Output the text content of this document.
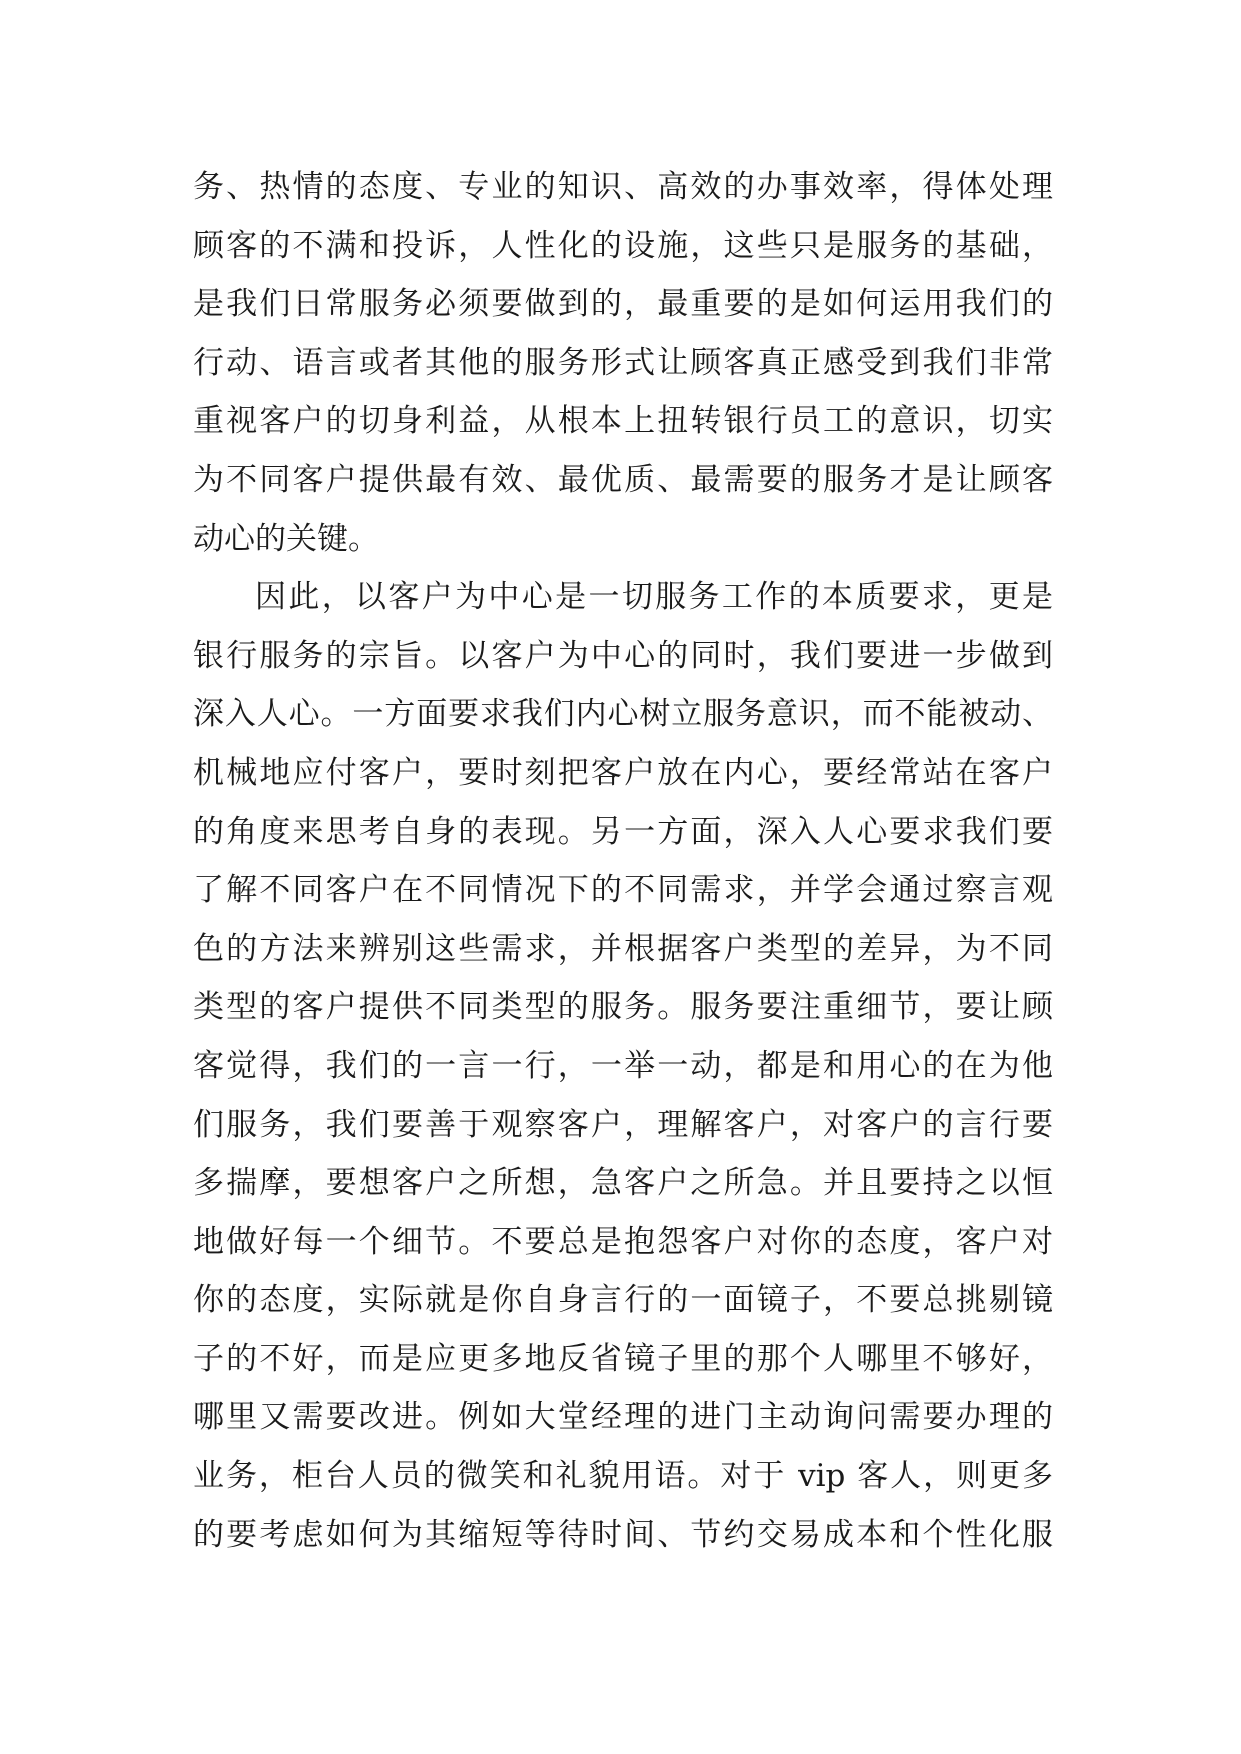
务、热情的态度、专业的知识、高效的办事效率，得体处理
顾客的不满和投诉，人性化的设施，这些只是服务的基础，
是我们日常服务必须要做到的，最重要的是如何运用我们的
行动、语言或者其他的服务形式让顾客真正感受到我们非常
重视客户的切身利益，从根本上扭转银行员工的意识，切实
为不同客户提供最有效、最优质、最需要的服务才是让顾客
动心的关键。
因此，以客户为中心是一切服务工作的本质要求，更是
银行服务的宗旨。以客户为中心的同时，我们要进一步做到
深入人心。一方面要求我们内心树立服务意识，而不能被动、
机械地应付客户，要时刻把客户放在内心，要经常站在客户
的角度来思考自身的表现。另一方面，深入人心要求我们要
了解不同客户在不同情况下的不同需求，并学会通过察言观
色的方法来辨别这些需求，并根据客户类型的差异，为不同
类型的客户提供不同类型的服务。服务要注重细节，要让顾
客觉得，我们的一言一行，一举一动，都是和用心的在为他
们服务，我们要善于观察客户，理解客户，对客户的言行要
多揣摩，要想客户之所想，急客户之所急。并且要持之以恒
地做好每一个细节。不要总是抱怨客户对你的态度，客户对
你的态度，实际就是你自身言行的一面镜子，不要总挑剔镜
子的不好，而是应更多地反省镜子里的那个人哪里不够好，
哪里又需要改进。例如大堂经理的进门主动询问需要办理的
业务，柜台人员的微笑和礼貌用语。对于 vip 客人，则更多
的要考虑如何为其缩短等待时间、节约交易成本和个性化服
